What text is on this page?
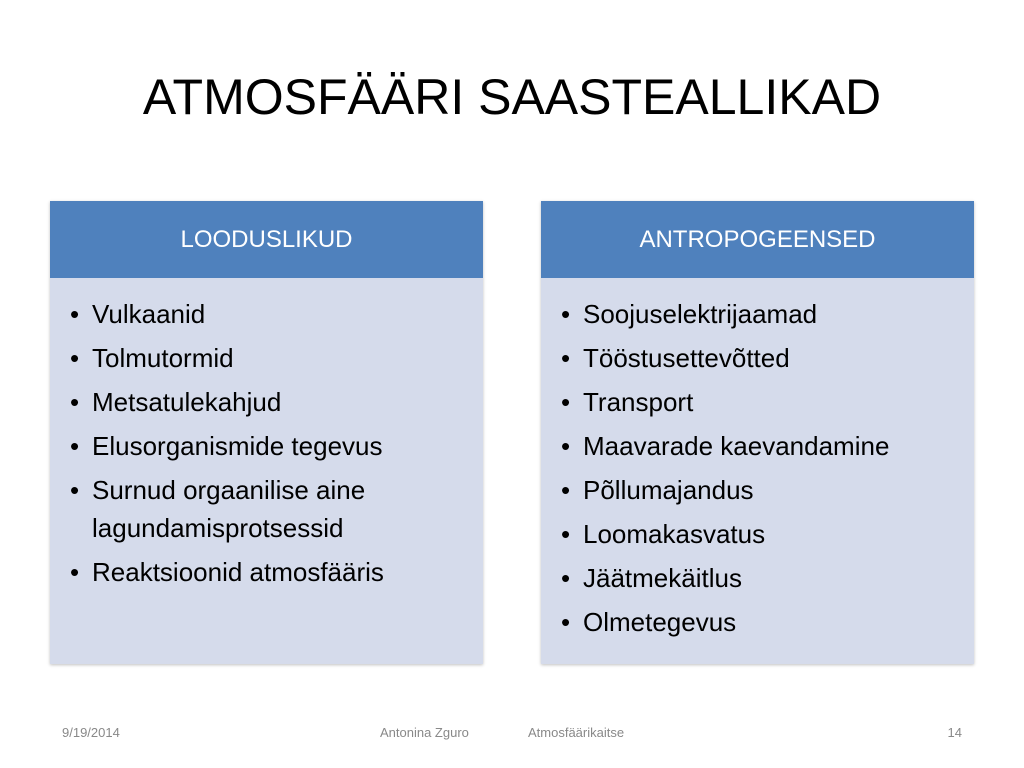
ATMOSFÄÄRI SAASTEALLIKAD
LOODUSLIKUD
• Vulkaanid
• Tolmutormid
• Metsatulekahjud
• Elusorganismide tegevus
• Surnud orgaanilise aine lagundamisprotsessid
• Reaktsioonid atmosfääris
ANTROPOGEENSED
• Soojuselektrijaamad
• Tööstusettevõtted
• Transport
• Maavarade kaevandamine
• Põllumajandus
• Loomakasvatus
• Jäätmekäitlus
• Olmetegevus
9/19/2014	Antonina Zguro	Atmosfäärikaitse	14
